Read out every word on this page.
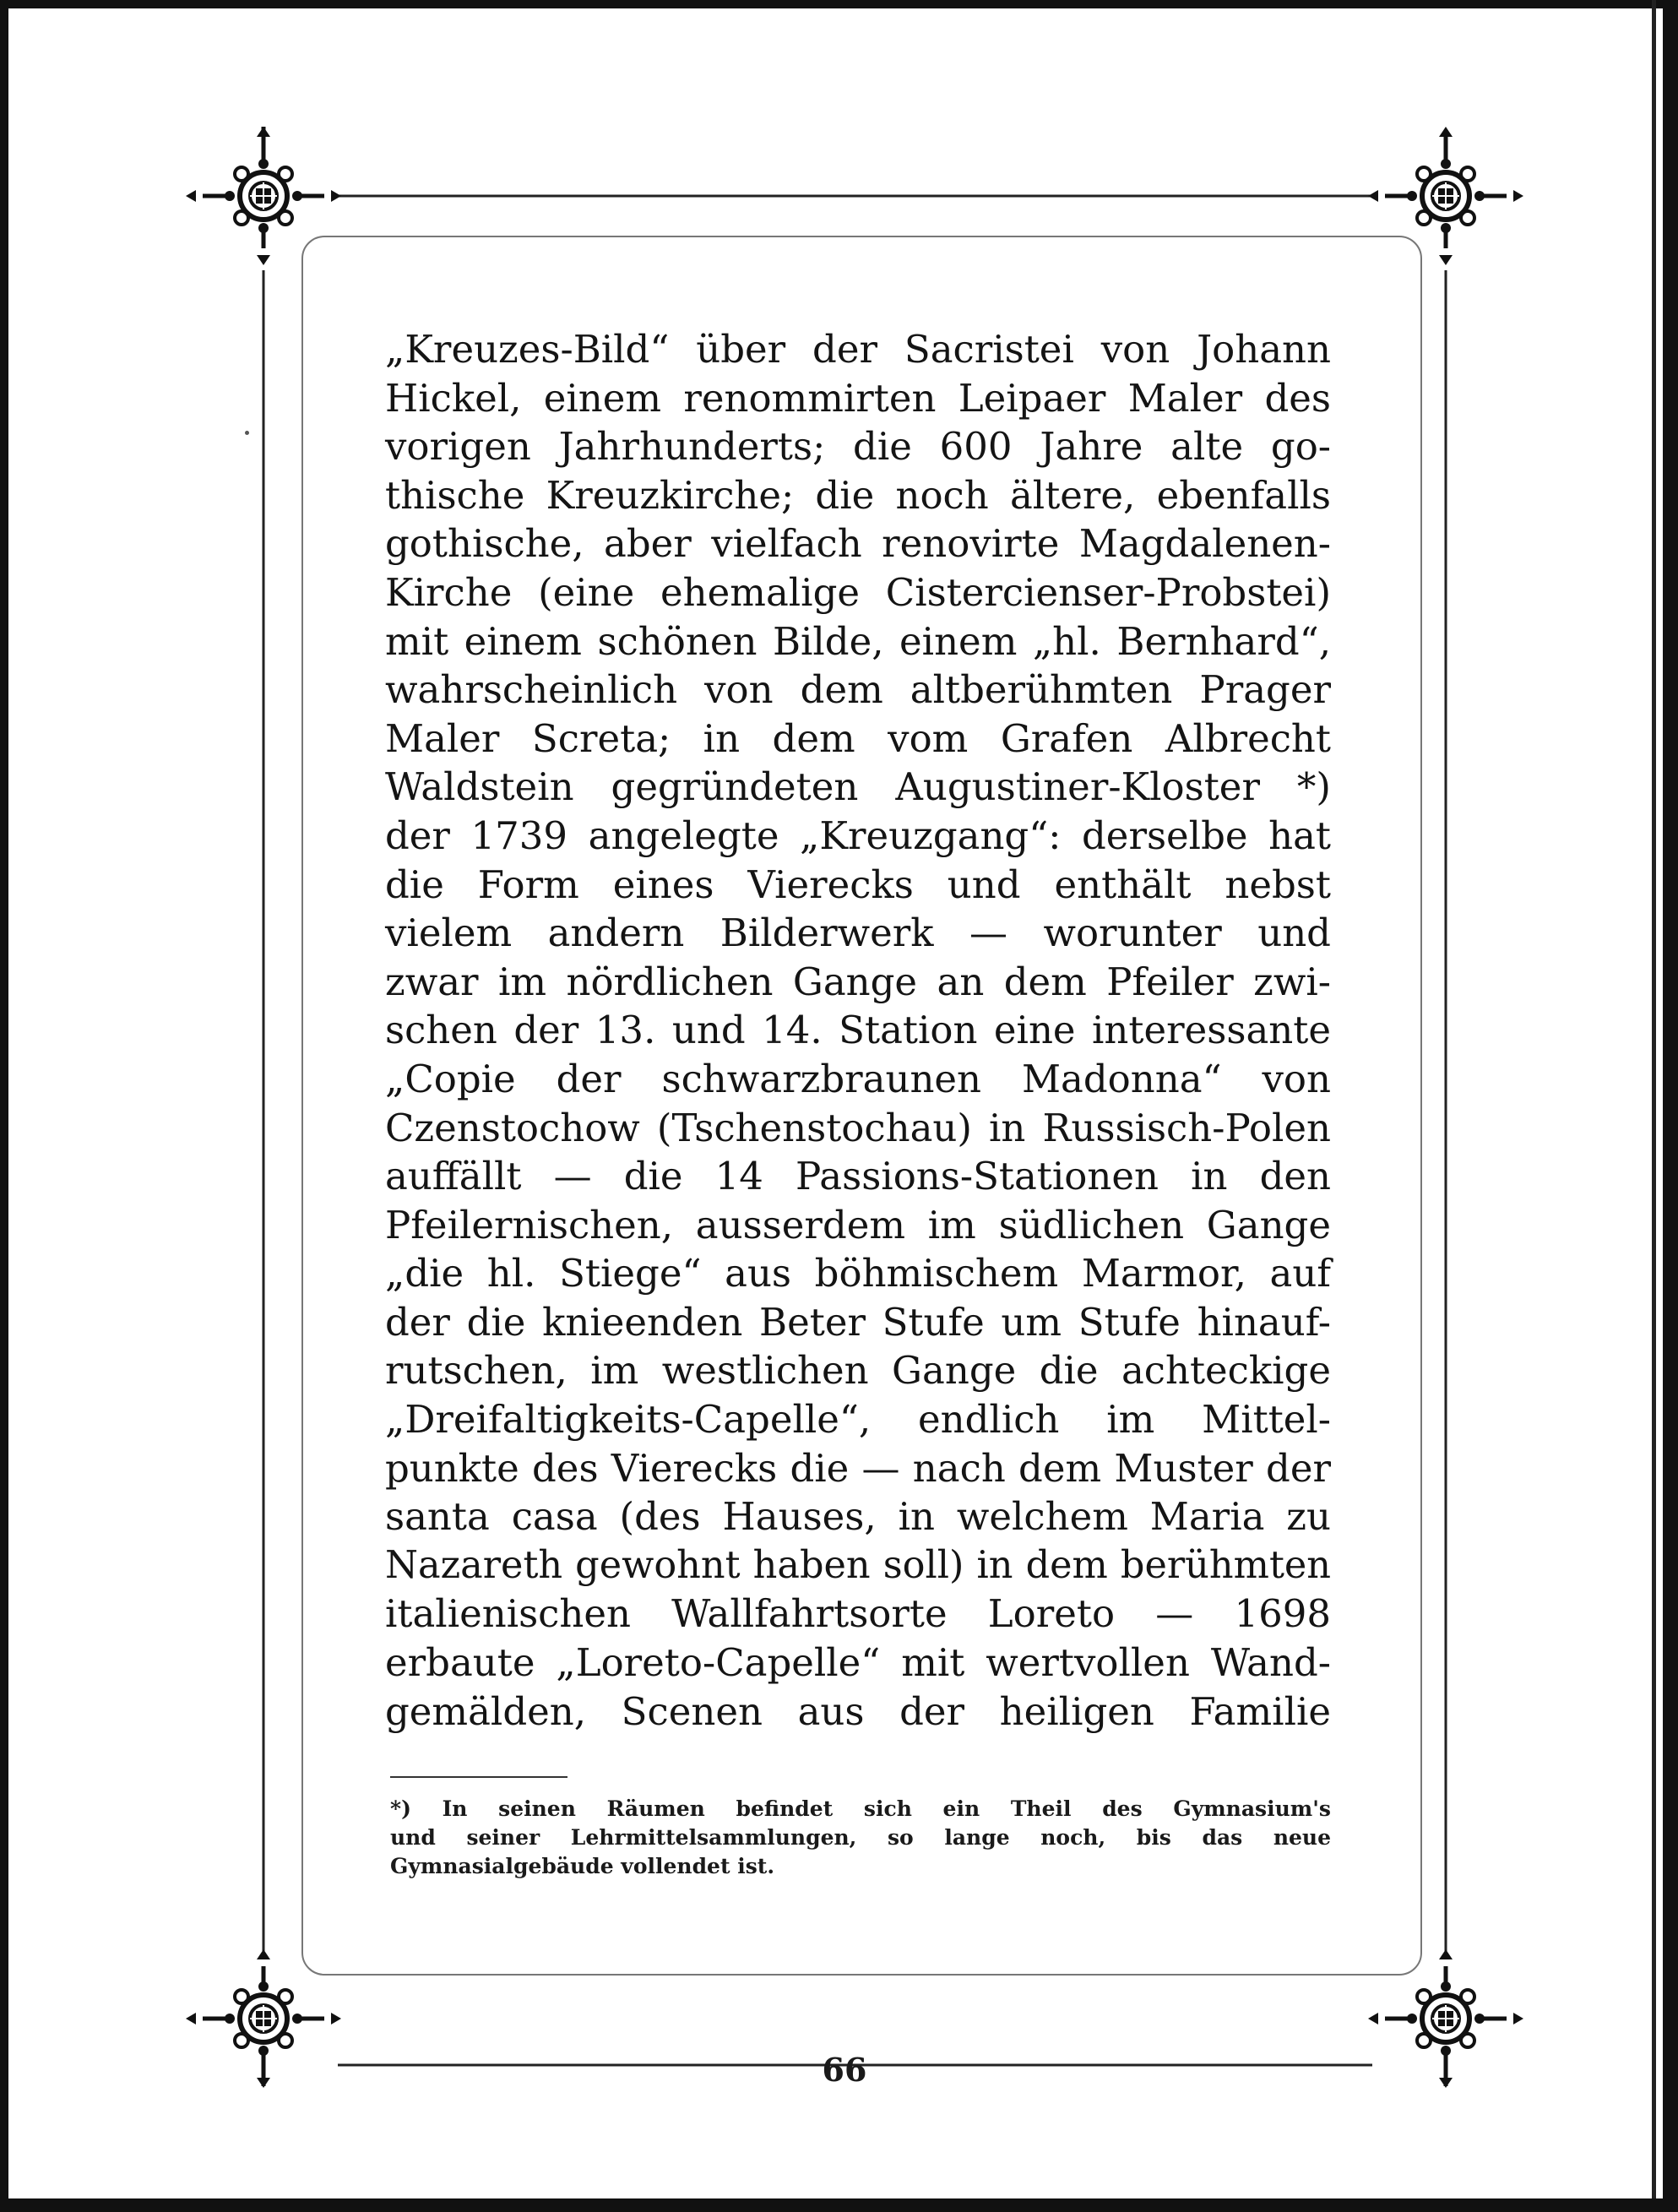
„Kreuzes-Bild“ über der Sacristei von Johann
Hickel, einem renommirten Leipaer Maler des
vorigen Jahrhunderts; die 600 Jahre alte go-
thische Kreuzkirche; die noch ältere, ebenfalls
gothische, aber vielfach renovirte Magdalenen-
Kirche (eine ehemalige Cistercienser-Probstei)
mit einem schönen Bilde, einem „hl. Bernhard“,
wahrscheinlich von dem altberühmten Prager
Maler Screta; in dem vom Grafen Albrecht
Waldstein gegründeten Augustiner-Kloster *)
der 1739 angelegte „Kreuzgang“: derselbe hat
die Form eines Vierecks und enthält nebst
vielem andern Bilderwerk — worunter und
zwar im nördlichen Gange an dem Pfeiler zwi-
schen der 13. und 14. Station eine interessante
„Copie der schwarzbraunen Madonna“ von
Czenstochow (Tschenstochau) in Russisch-Polen
auffällt — die 14 Passions-Stationen in den
Pfeilernischen, ausserdem im südlichen Gange
„die hl. Stiege“ aus böhmischem Marmor, auf
der die knieenden Beter Stufe um Stufe hinauf-
rutschen, im westlichen Gange die achteckige
„Dreifaltigkeits-Capelle“, endlich im Mittel-
punkte des Vierecks die — nach dem Muster der
santa casa (des Hauses, in welchem Maria zu
Nazareth gewohnt haben soll) in dem berühmten
italienischen Wallfahrtsorte Loreto — 1698
erbaute „Loreto-Capelle“ mit wertvollen Wand-
gemälden, Scenen aus der heiligen Familie
*) In seinen Räumen befindet sich ein Theil des Gymnasium's
und seiner Lehrmittelsammlungen, so lange noch, bis das neue
Gymnasialgebäude vollendet ist.
66
